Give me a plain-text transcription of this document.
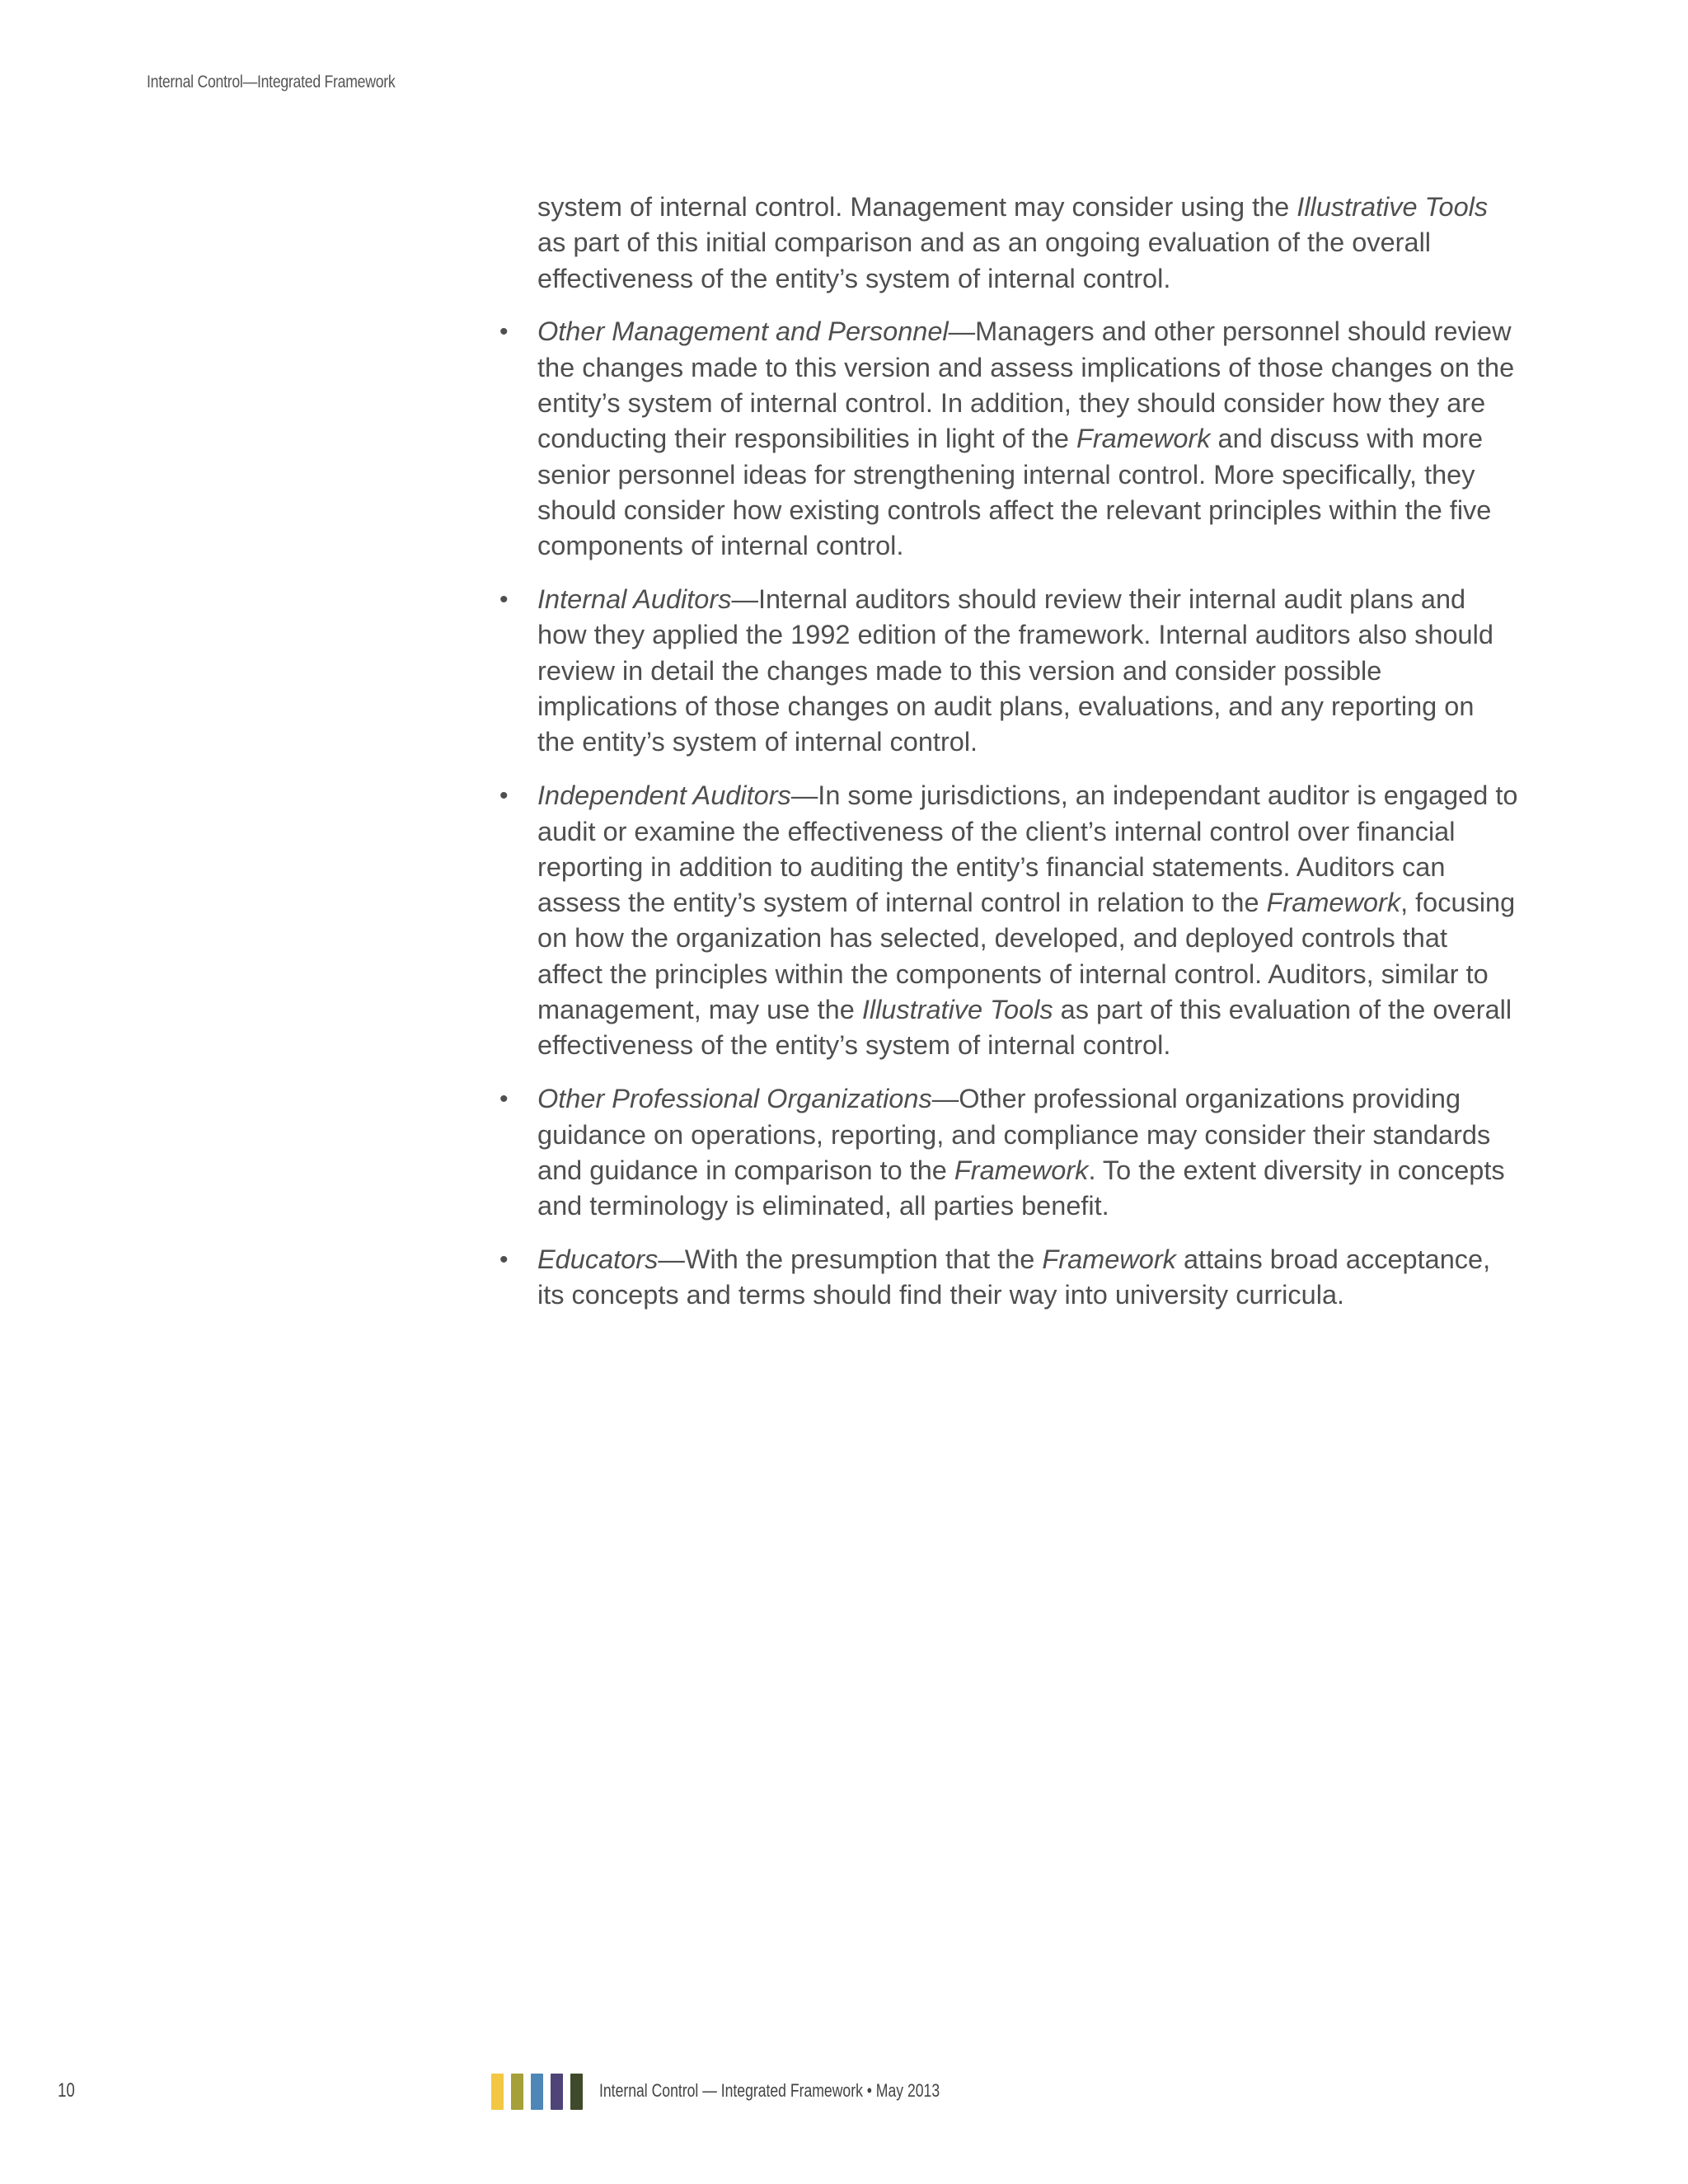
Internal Control—Integrated Framework

system of internal control. Management may consider using the Illustrative Tools as part of this initial comparison and as an ongoing evaluation of the overall effectiveness of the entity’s system of internal control.

• Other Management and Personnel—Managers and other personnel should review the changes made to this version and assess implications of those changes on the entity’s system of internal control. In addition, they should consider how they are conducting their responsibilities in light of the Framework and discuss with more senior personnel ideas for strengthening internal control. More specifically, they should consider how existing controls affect the relevant principles within the five components of internal control.
• Internal Auditors—Internal auditors should review their internal audit plans and how they applied the 1992 edition of the framework. Internal auditors also should review in detail the changes made to this version and consider possible implications of those changes on audit plans, evaluations, and any reporting on the entity’s system of internal control.
• Independent Auditors—In some jurisdictions, an independant auditor is engaged to audit or examine the effectiveness of the client’s internal control over financial reporting in addition to auditing the entity’s financial statements. Auditors can assess the entity’s system of internal control in relation to the Framework, focusing on how the organization has selected, developed, and deployed controls that affect the principles within the components of internal control. Auditors, similar to management, may use the Illustrative Tools as part of this evaluation of the overall effectiveness of the entity’s system of internal control.
• Other Professional Organizations—Other professional organizations providing guidance on operations, reporting, and compliance may consider their standards and guidance in comparison to the Framework. To the extent diversity in concepts and terminology is eliminated, all parties benefit.
• Educators—With the presumption that the Framework attains broad acceptance, its concepts and terms should find their way into university curricula.
10	Internal Control — Integrated Framework • May 2013
